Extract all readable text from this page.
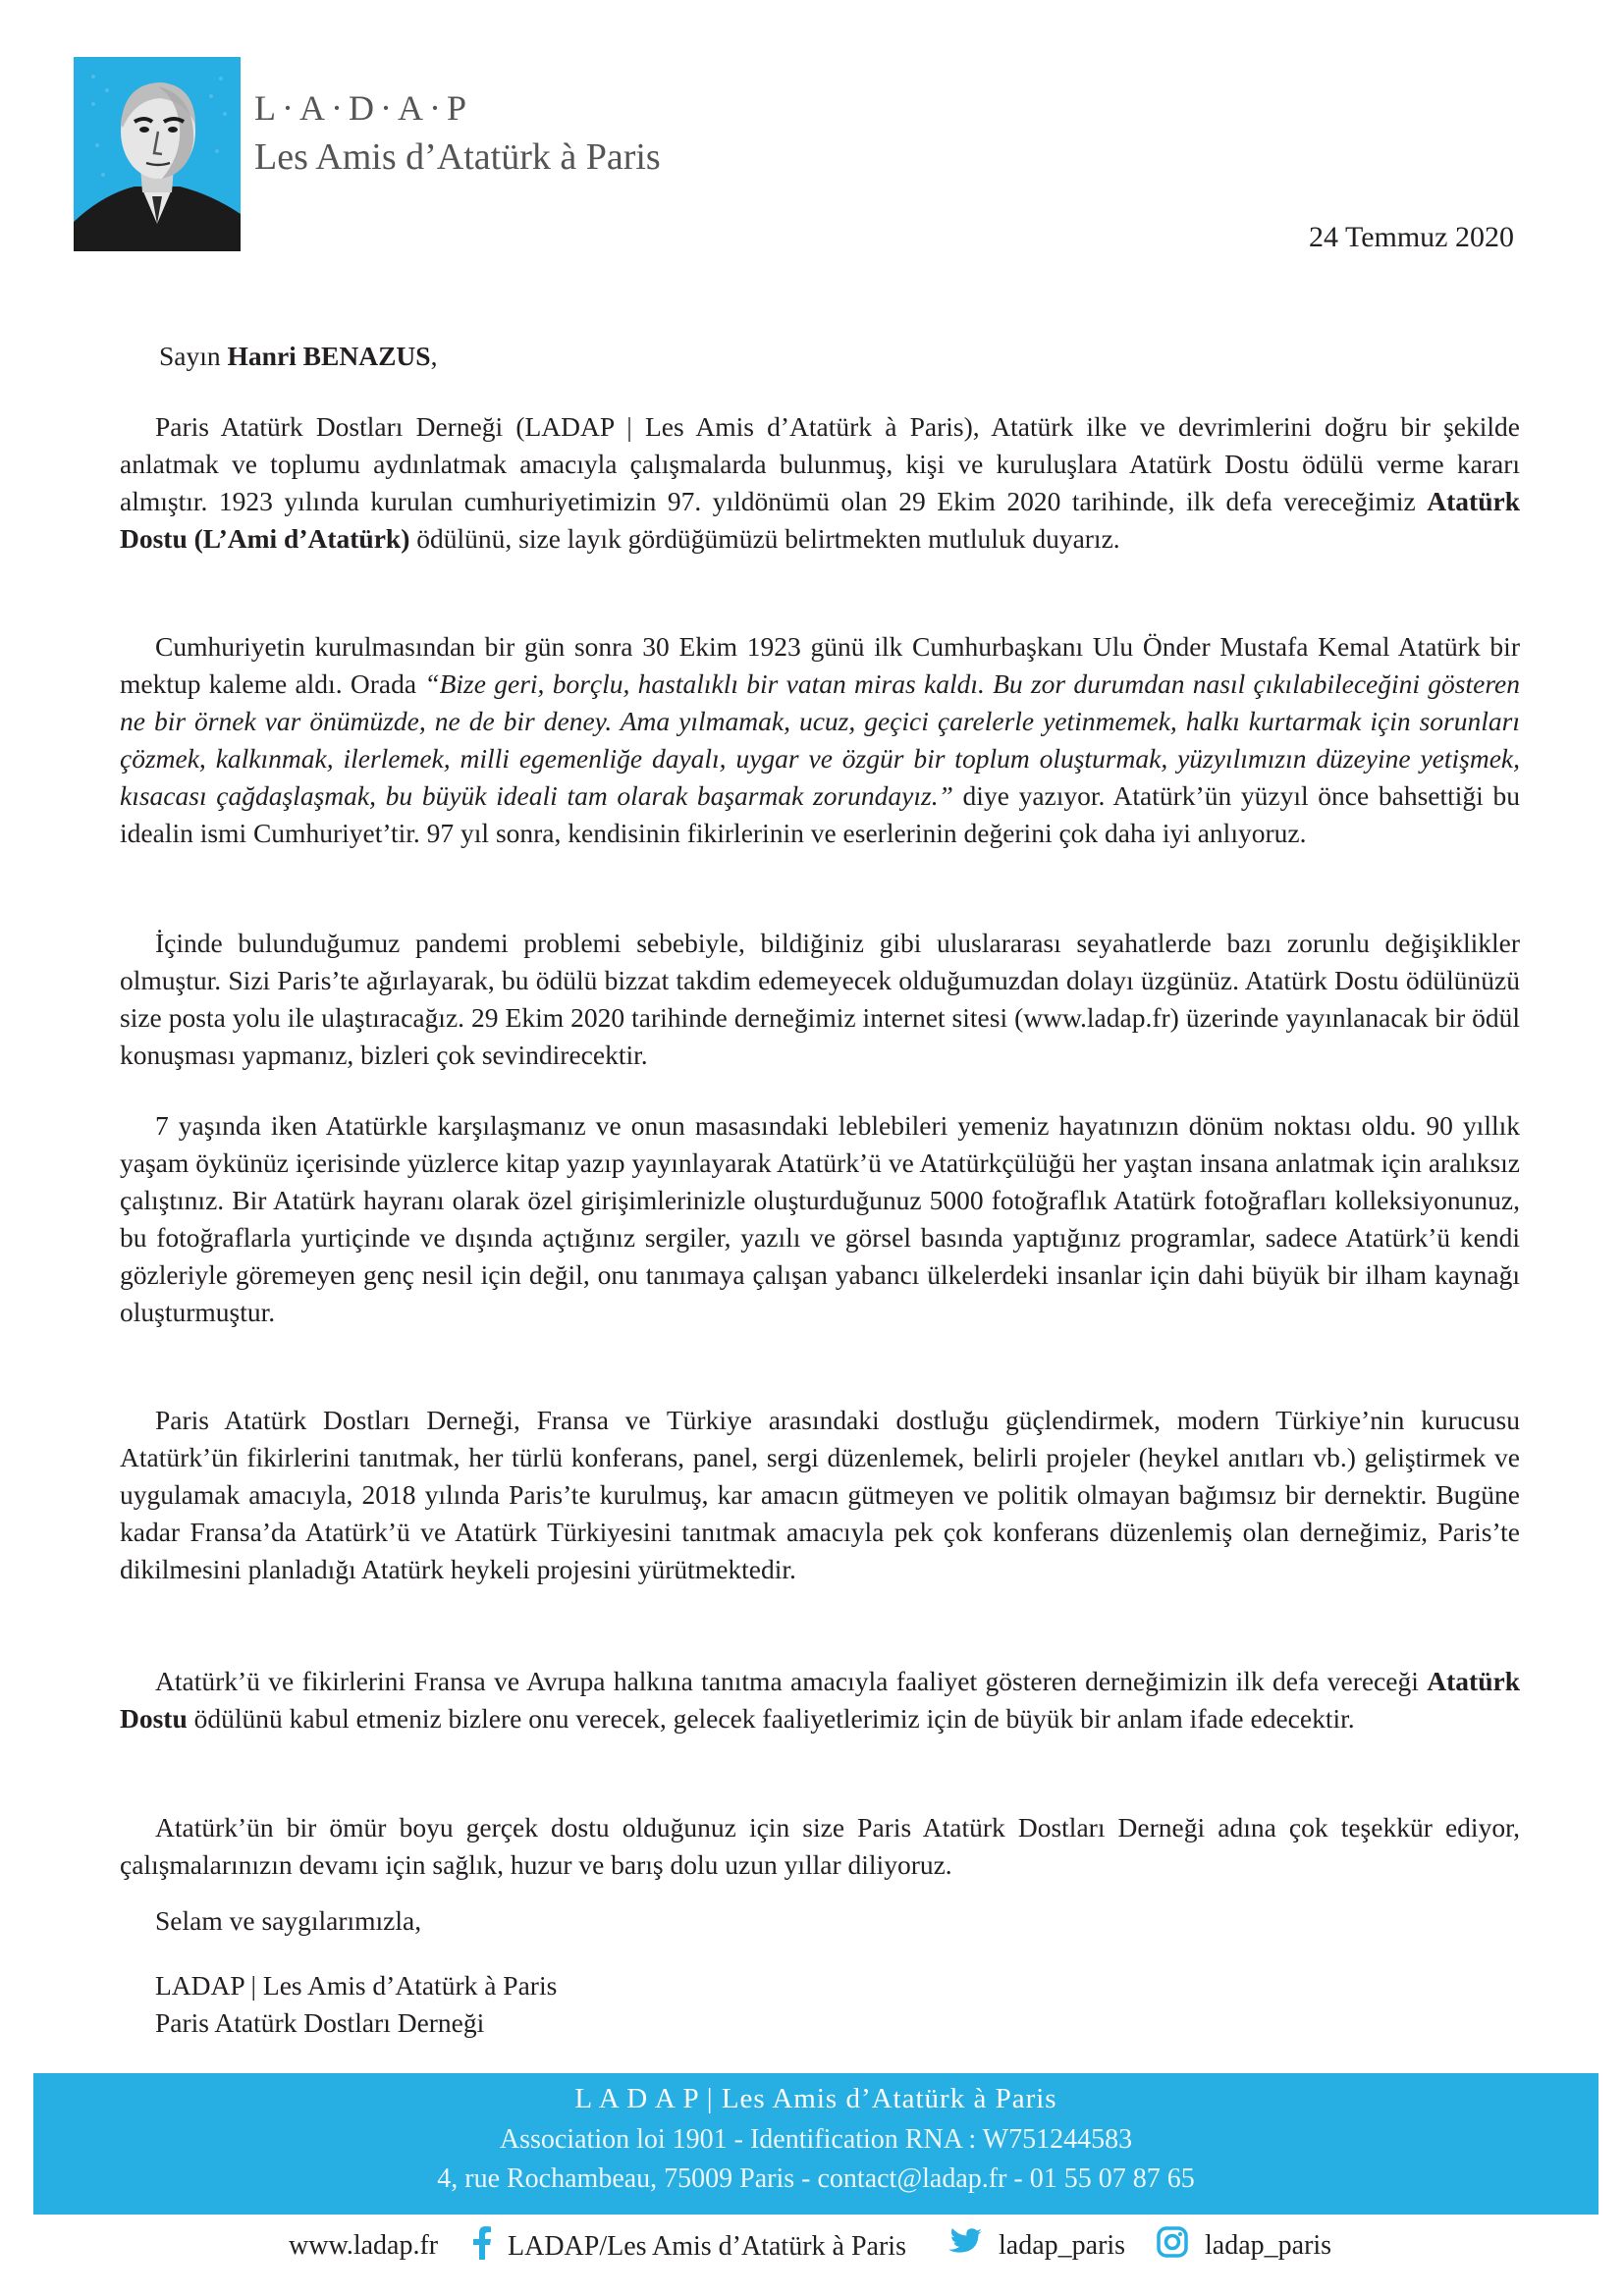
L·A·D·A·P
Les Amis d’Atatürk à Paris
24 Temmuz 2020
Sayın Hanri BENAZUS,
Paris Atatürk Dostları Derneği (LADAP | Les Amis d’Atatürk à Paris), Atatürk ilke ve devrimlerini doğru bir şekilde anlatmak ve toplumu aydınlatmak amacıyla çalışmalarda bulunmuş, kişi ve kuruluşlara Atatürk Dostu ödülü verme kararı almıştır. 1923 yılında kurulan cumhuriyetimizin 97. yıldönümü olan 29 Ekim 2020 tarihinde, ilk defa vereceğimiz Atatürk Dostu (L’Ami d’Atatürk) ödülünü, size layık gördüğümüzü belirtmekten mutluluk duyarız.
Cumhuriyetin kurulmasından bir gün sonra 30 Ekim 1923 günü ilk Cumhurbaşkanı Ulu Önder Mustafa Kemal Atatürk bir mektup kaleme aldı. Orada “Bize geri, borçlu, hastalıklı bir vatan miras kaldı. Bu zor durumdan nasıl çıkılabileceğini gösteren ne bir örnek var önümüzde, ne de bir deney. Ama yılmamak, ucuz, geçici çarelerle yetinmemek, halkı kurtarmak için sorunları çözmek, kalkınmak, ilerlemek, milli egemenliğe dayalı, uygar ve özgür bir toplum oluşturmak, yüzyılımızın düzeyine yetişmek, kısacası çağdaşlaşmak, bu büyük ideali tam olarak başarmak zorundayız.” diye yazıyor. Atatürk’ün yüzyıl önce bahsettiği bu idealin ismi Cumhuriyet’tir. 97 yıl sonra, kendisinin fikirlerinin ve eserlerinin değerini çok daha iyi anlıyoruz.
İçinde bulunduğumuz pandemi problemi sebebiyle, bildiğiniz gibi uluslararası seyahatlerde bazı zorunlu değişiklikler olmuştur. Sizi Paris’te ağırlayarak, bu ödülü bizzat takdim edemeyecek olduğumuzdan dolayı üzgünüz. Atatürk Dostu ödülünüzü size posta yolu ile ulaştıracağız. 29 Ekim 2020 tarihinde derneğimiz internet sitesi (www.ladap.fr) üzerinde yayınlanacak bir ödül konuşması yapmanız, bizleri çok sevindirecektir.
7 yaşında iken Atatürkle karşılaşmanız ve onun masasındaki leblebileri yemeniz hayatınızın dönüm noktası oldu. 90 yıllık yaşam öykünüz içerisinde yüzlerce kitap yazıp yayınlayarak Atatürk’ü ve Atatürkçülüğü her yaştan insana anlatmak için aralıksız çalıştınız. Bir Atatürk hayranı olarak özel girişimlerinizle oluşturduğunuz 5000 fotoğraflık Atatürk fotoğrafları kolleksiyonunuz, bu fotoğraflarla yurtiçinde ve dışında açtığınız sergiler, yazılı ve görsel basında yaptığınız programlar, sadece Atatürk’ü kendi gözleriyle göremeyen genç nesil için değil, onu tanımaya çalışan yabancı ülkelerdeki insanlar için dahi büyük bir ilham kaynağı oluşturmuştur.
Paris Atatürk Dostları Derneği, Fransa ve Türkiye arasındaki dostluğu güçlendirmek, modern Türkiye’nin kurucusu Atatürk’ün fikirlerini tanıtmak, her türlü konferans, panel, sergi düzenlemek, belirli projeler (heykel anıtları vb.) geliştirmek ve uygulamak amacıyla, 2018 yılında Paris’te kurulmuş, kar amacın gütmeyen ve politik olmayan bağımsız bir dernektir. Bugüne kadar Fransa’da Atatürk’ü ve Atatürk Türkiyesini tanıtmak amacıyla pek çok konferans düzenlemiş olan derneğimiz, Paris’te dikilmesini planladığı Atatürk heykeli projesini yürütmektedir.
Atatürk’ü ve fikirlerini Fransa ve Avrupa halkına tanıtma amacıyla faaliyet gösteren derneğimizin ilk defa vereceği Atatürk Dostu ödülünü kabul etmeniz bizlere onu verecek, gelecek faaliyetlerimiz için de büyük bir anlam ifade edecektir.
Atatürk’ün bir ömür boyu gerçek dostu olduğunuz için size Paris Atatürk Dostları Derneği adına çok teşekkür ediyor, çalışmalarınızın devamı için sağlık, huzur ve barış dolu uzun yıllar diliyoruz.
Selam ve saygılarımızla,
LADAP | Les Amis d’Atatürk à Paris
Paris Atatürk Dostları Derneği
L A D A P | Les Amis d’Atatürk à Paris
Association loi 1901 - Identification RNA : W751244583
4, rue Rochambeau, 75009 Paris - contact@ladap.fr - 01 55 07 87 65
www.ladap.fr	LADAP/Les Amis d’Atatürk à Paris	ladap_paris	ladap_paris
